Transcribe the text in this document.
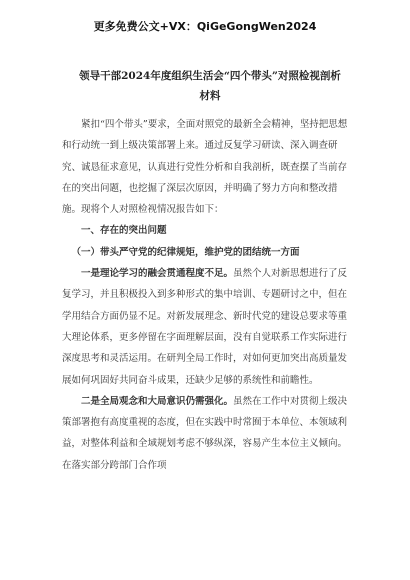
更多免费公文+VX：QiGeGongWen2024
领导干部2024年度组织生活会“四个带头”对照检视剖析
材料

紧扣“四个带头”要求，全面对照党的最新全会精神，坚持把思想和行动统一到上级决策部署上来。通过反复学习研读、深入调查研究、诚恳征求意见，认真进行党性分析和自我剖析，既查摆了当前存在的突出问题，也挖掘了深层次原因，并明确了努力方向和整改措施。现将个人对照检视情况报告如下：

一、存在的突出问题

（一）带头严守党的纪律规矩，维护党的团结统一方面

一是理论学习的融会贯通程度不足。虽然个人对新思想进行了反复学习，并且积极投入到多种形式的集中培训、专题研讨之中，但在学用结合方面仍显不足。对新发展理念、新时代党的建设总要求等重大理论体系，更多停留在字面理解层面，没有自觉联系工作实际进行深度思考和灵活运用。在研判全局工作时，对如何更加突出高质量发展如何巩固好共同奋斗成果，还缺少足够的系统性和前瞻性。

二是全局观念和大局意识仍需强化。虽然在工作中对贯彻上级决策部署抱有高度重视的态度，但在实践中时常囿于本单位、本领域利益，对整体利益和全域规划考虑不够纵深，容易产生本位主义倾向。在落实部分跨部门合作项
